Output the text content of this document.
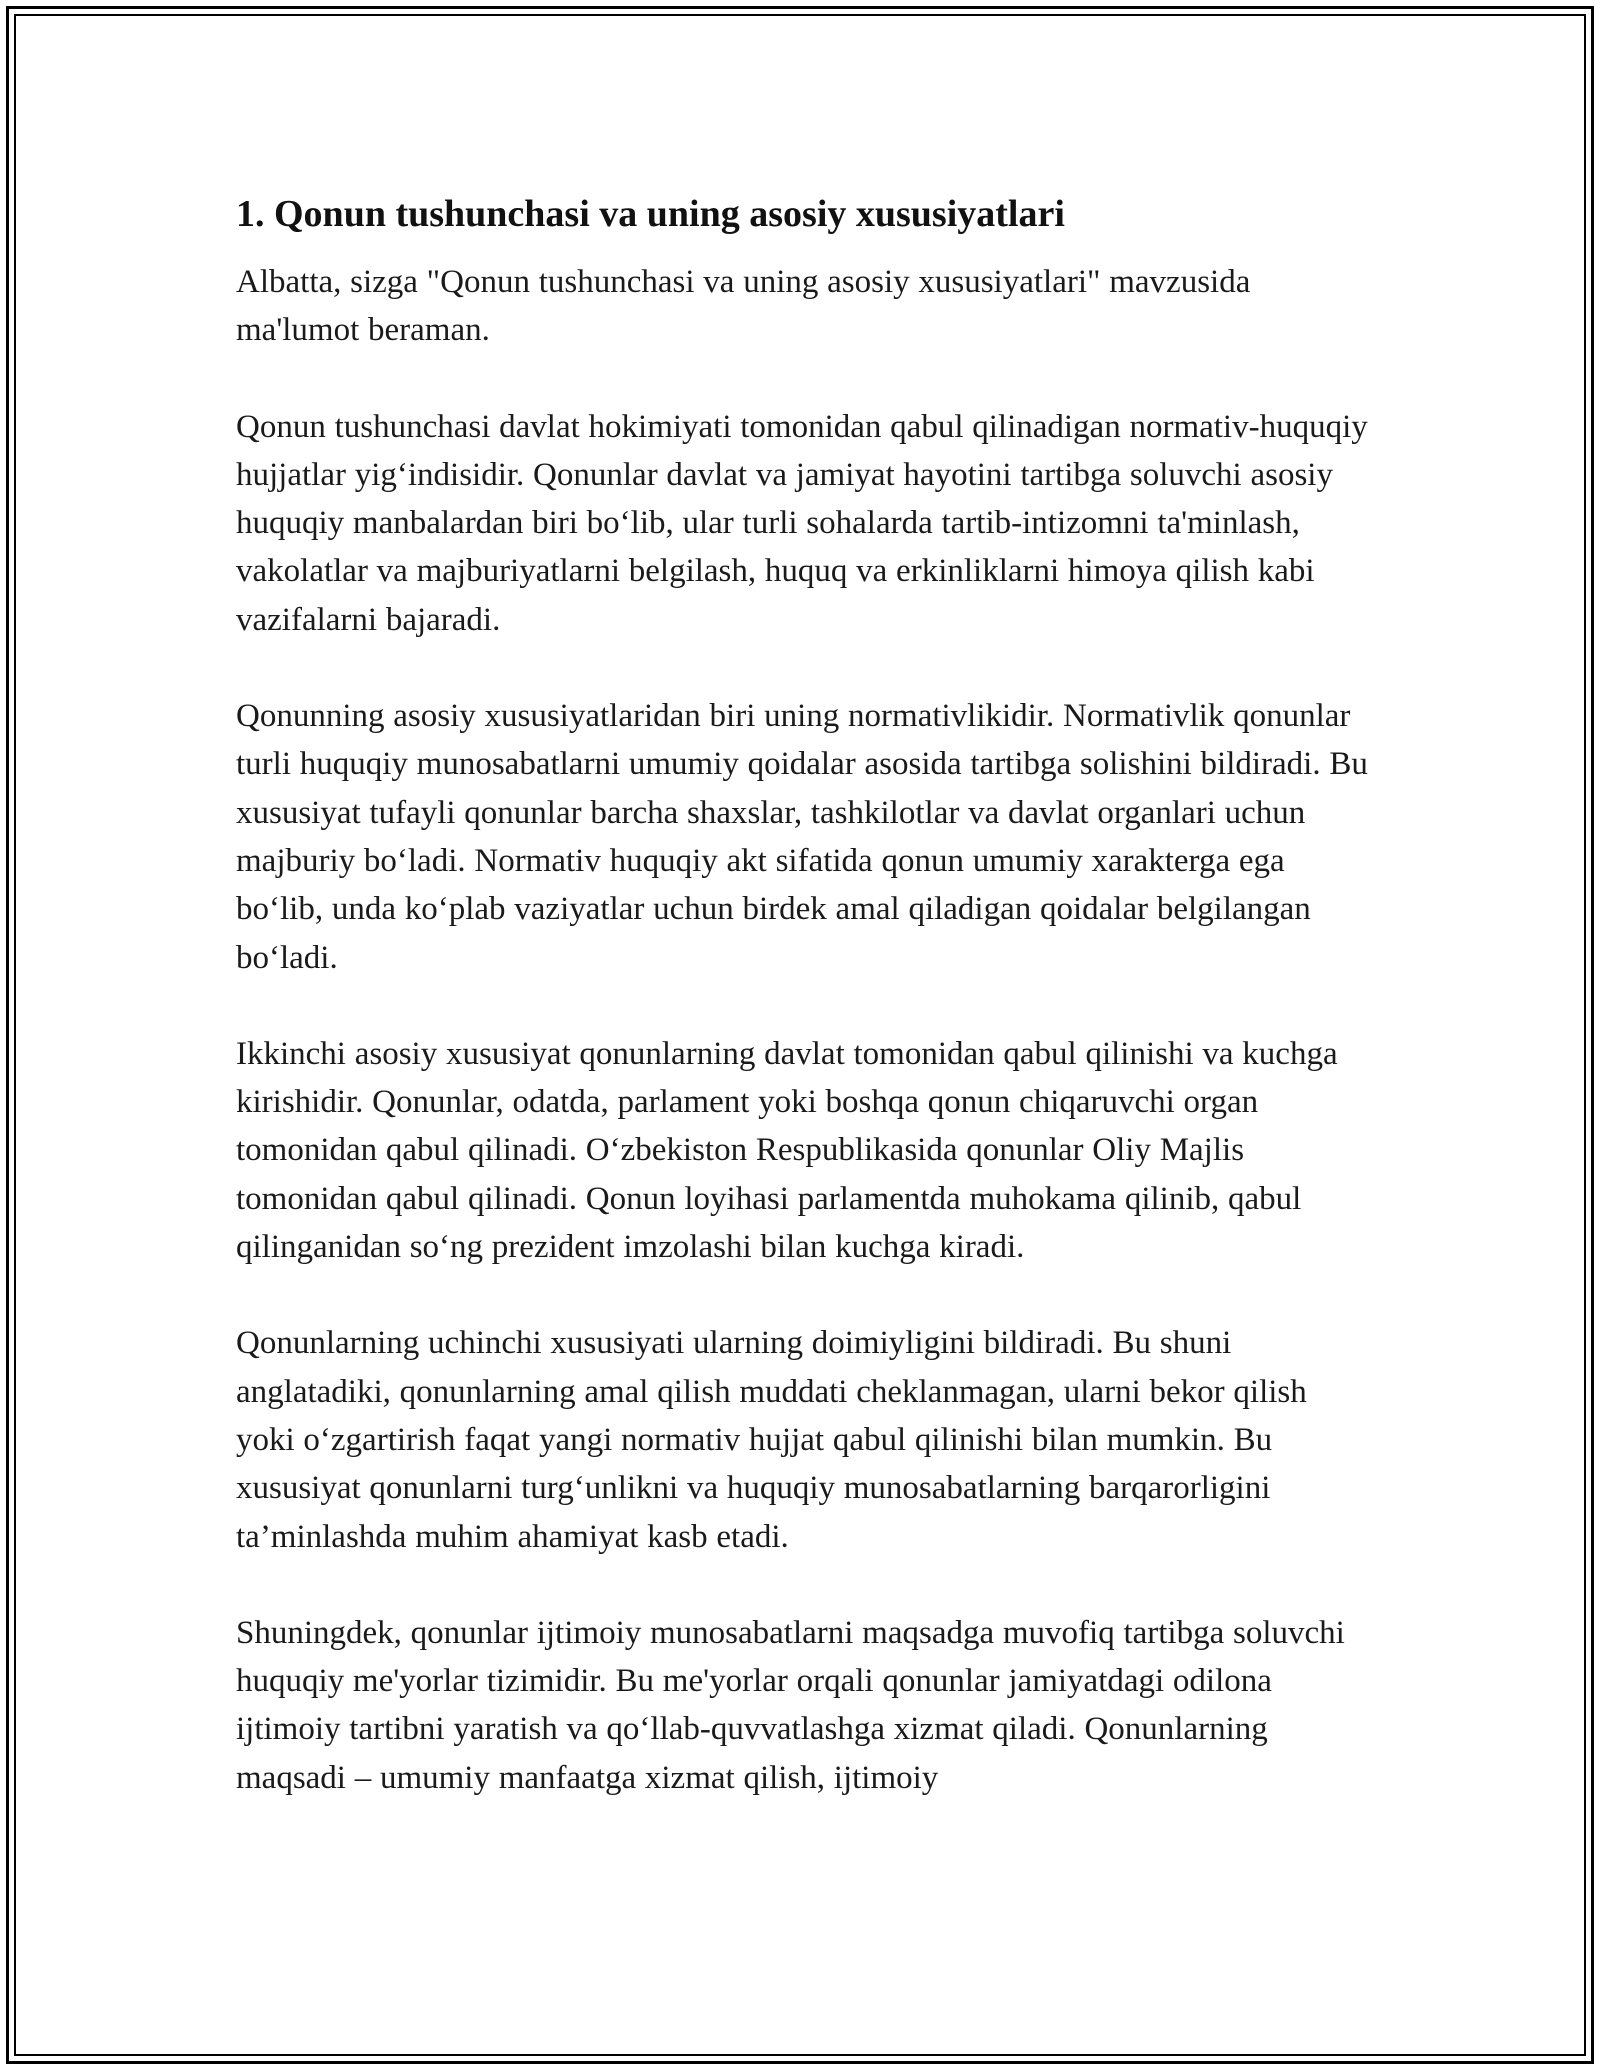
1. Qonun tushunchasi va uning asosiy xususiyatlari

Albatta, sizga "Qonun tushunchasi va uning asosiy xususiyatlari" mavzusida ma'lumot beraman.

Qonun tushunchasi davlat hokimiyati tomonidan qabul qilinadigan normativ-huquqiy hujjatlar yig‘indisidir. Qonunlar davlat va jamiyat hayotini tartibga soluvchi asosiy huquqiy manbalardan biri bo‘lib, ular turli sohalarda tartib-intizomni ta'minlash, vakolatlar va majburiyatlarni belgilash, huquq va erkinliklarni himoya qilish kabi vazifalarni bajaradi.

Qonunning asosiy xususiyatlaridan biri uning normativlikidir. Normativlik qonunlar turli huquqiy munosabatlarni umumiy qoidalar asosida tartibga solishini bildiradi. Bu xususiyat tufayli qonunlar barcha shaxslar, tashkilotlar va davlat organlari uchun majburiy bo‘ladi. Normativ huquqiy akt sifatida qonun umumiy xarakterga ega bo‘lib, unda ko‘plab vaziyatlar uchun birdek amal qiladigan qoidalar belgilangan bo‘ladi.

Ikkinchi asosiy xususiyat qonunlarning davlat tomonidan qabul qilinishi va kuchga kirishidir. Qonunlar, odatda, parlament yoki boshqa qonun chiqaruvchi organ tomonidan qabul qilinadi. O‘zbekiston Respublikasida qonunlar Oliy Majlis tomonidan qabul qilinadi. Qonun loyihasi parlamentda muhokama qilinib, qabul qilinganidan so‘ng prezident imzolashi bilan kuchga kiradi.

Qonunlarning uchinchi xususiyati ularning doimiyligini bildiradi. Bu shuni anglatadiki, qonunlarning amal qilish muddati cheklanmagan, ularni bekor qilish yoki o‘zgartirish faqat yangi normativ hujjat qabul qilinishi bilan mumkin. Bu xususiyat qonunlarni turg‘unlikni va huquqiy munosabatlarning barqarorligini ta’minlashda muhim ahamiyat kasb etadi.

Shuningdek, qonunlar ijtimoiy munosabatlarni maqsadga muvofiq tartibga soluvchi huquqiy me'yorlar tizimidir. Bu me'yorlar orqali qonunlar jamiyatdagi odilona ijtimoiy tartibni yaratish va qo‘llab-quvvatlashga xizmat qiladi. Qonunlarning maqsadi – umumiy manfaatga xizmat qilish, ijtimoiy
